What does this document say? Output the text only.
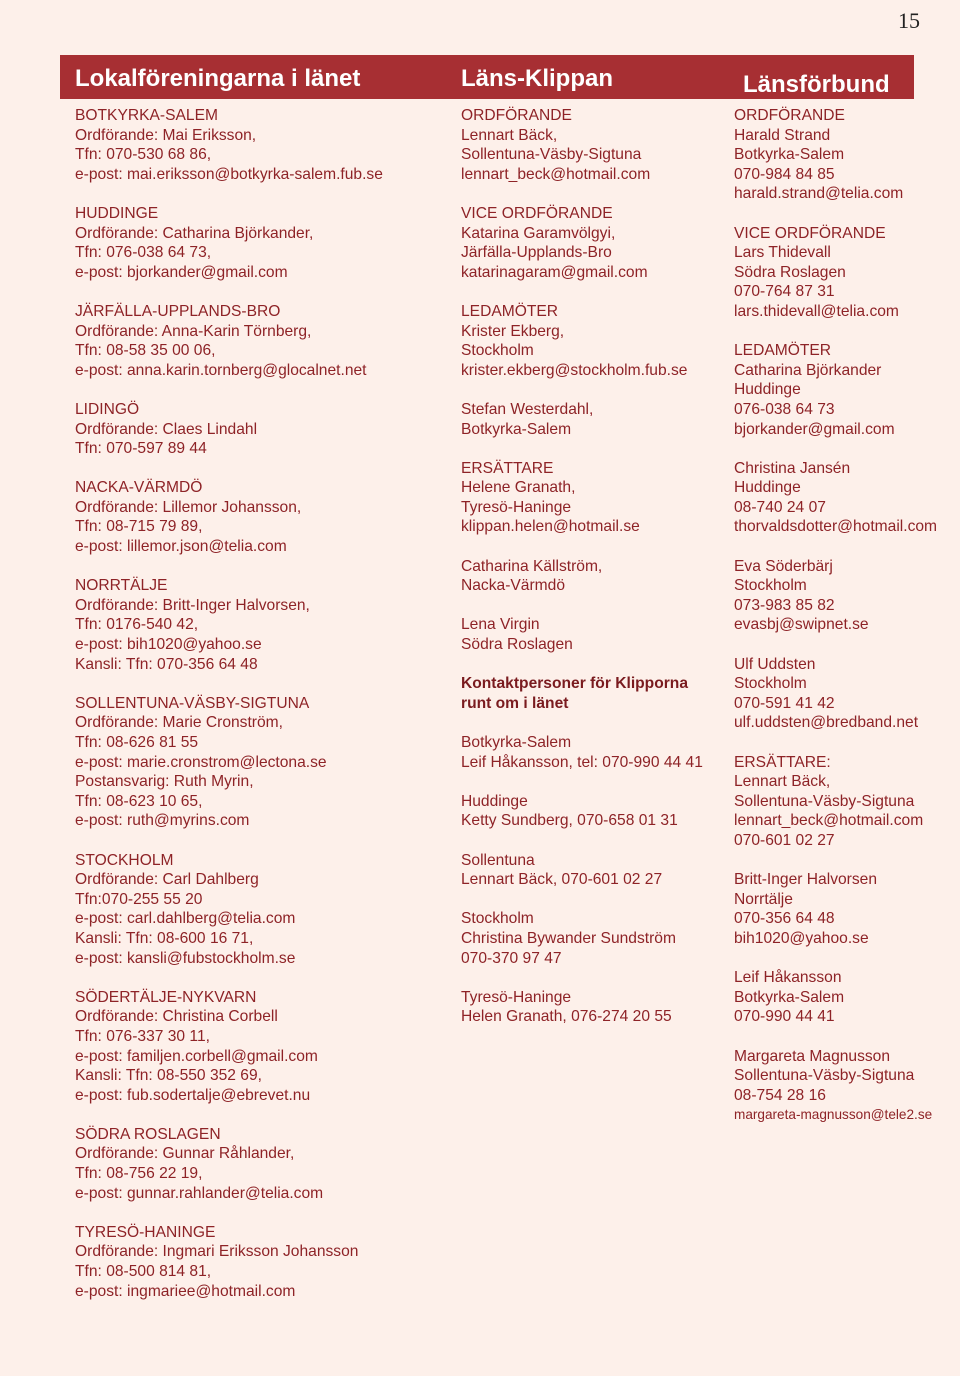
15
Lokalföreningarna i länet	Läns-Klippan	Länsförbund
BOTKYRKA-SALEM
Ordförande: Mai Eriksson,
Tfn: 070-530 68 86,
e-post: mai.eriksson@botkyrka-salem.fub.se
HUDDINGE
Ordförande: Catharina Björkander,
Tfn: 076-038 64 73,
e-post: bjorkander@gmail.com
JÄRFÄLLA-UPPLANDS-BRO
Ordförande: Anna-Karin Törnberg,
Tfn: 08-58 35 00 06,
e-post: anna.karin.tornberg@glocalnet.net
LIDINGÖ
Ordförande: Claes Lindahl
Tfn: 070-597 89 44
NACKA-VÄRMDÖ
Ordförande: Lillemor Johansson,
Tfn: 08-715 79 89,
e-post: lillemor.json@telia.com
NORRTÄLJE
Ordförande: Britt-Inger Halvorsen,
Tfn: 0176-540 42,
e-post: bih1020@yahoo.se
Kansli: Tfn: 070-356 64 48
SOLLENTUNA-VÄSBY-SIGTUNA
Ordförande: Marie Cronström,
Tfn: 08-626 81 55
e-post: marie.cronstrom@lectona.se
Postansvarig: Ruth Myrin,
Tfn: 08-623 10 65,
e-post: ruth@myrins.com
STOCKHOLM
Ordförande: Carl Dahlberg
Tfn:070-255 55 20
e-post: carl.dahlberg@telia.com
Kansli: Tfn: 08-600 16 71,
e-post: kansli@fubstockholm.se
SÖDERTÄLJE-NYKVARN
Ordförande: Christina Corbell
Tfn: 076-337 30 11,
e-post: familjen.corbell@gmail.com
Kansli: Tfn: 08-550 352 69,
e-post: fub.sodertalje@ebrevet.nu
SÖDRA ROSLAGEN
Ordförande: Gunnar Råhlander,
Tfn: 08-756 22 19,
e-post: gunnar.rahlander@telia.com
TYRESÖ-HANINGE
Ordförande: Ingmari Eriksson Johansson
Tfn: 08-500 814 81,
e-post: ingmariee@hotmail.com
ORDFÖRANDE
Lennart Bäck,
Sollentuna-Väsby-Sigtuna
lennart_beck@hotmail.com
VICE ORDFÖRANDE
Katarina Garamvölgyi,
Järfälla-Upplands-Bro
katarinagaram@gmail.com
LEDAMÖTER
Krister Ekberg,
Stockholm
krister.ekberg@stockholm.fub.se
Stefan Westerdahl,
Botkyrka-Salem
ERSÄTTARE
Helene Granath,
Tyresö-Haninge
klippan.helen@hotmail.se
Catharina Källström,
Nacka-Värmdö
Lena Virgin
Södra Roslagen
Kontaktpersoner för Klipporna
runt om i länet
Botkyrka-Salem
Leif Håkansson, tel: 070-990 44 41
Huddinge
Ketty Sundberg, 070-658 01 31
Sollentuna
Lennart Bäck, 070-601 02 27
Stockholm
Christina Bywander Sundström
070-370 97 47
Tyresö-Haninge
Helen Granath, 076-274 20 55
ORDFÖRANDE
Harald Strand
Botkyrka-Salem
070-984 84 85
harald.strand@telia.com
VICE ORDFÖRANDE
Lars Thidevall
Södra Roslagen
070-764 87 31
lars.thidevall@telia.com
LEDAMÖTER
Catharina Björkander
Huddinge
076-038 64 73
bjorkander@gmail.com
Christina Jansén
Huddinge
08-740 24 07
thorvaldsdotter@hotmail.com
Eva Söderbärj
Stockholm
073-983 85 82
evasbj@swipnet.se
Ulf Uddsten
Stockholm
070-591 41 42
ulf.uddsten@bredband.net
ERSÄTTARE:
Lennart Bäck,
Sollentuna-Väsby-Sigtuna
lennart_beck@hotmail.com
070-601 02 27
Britt-Inger Halvorsen
Norrtälje
070-356 64 48
bih1020@yahoo.se
Leif Håkansson
Botkyrka-Salem
070-990 44 41
Margareta Magnusson
Sollentuna-Väsby-Sigtuna
08-754 28 16
margareta-magnusson@tele2.se
